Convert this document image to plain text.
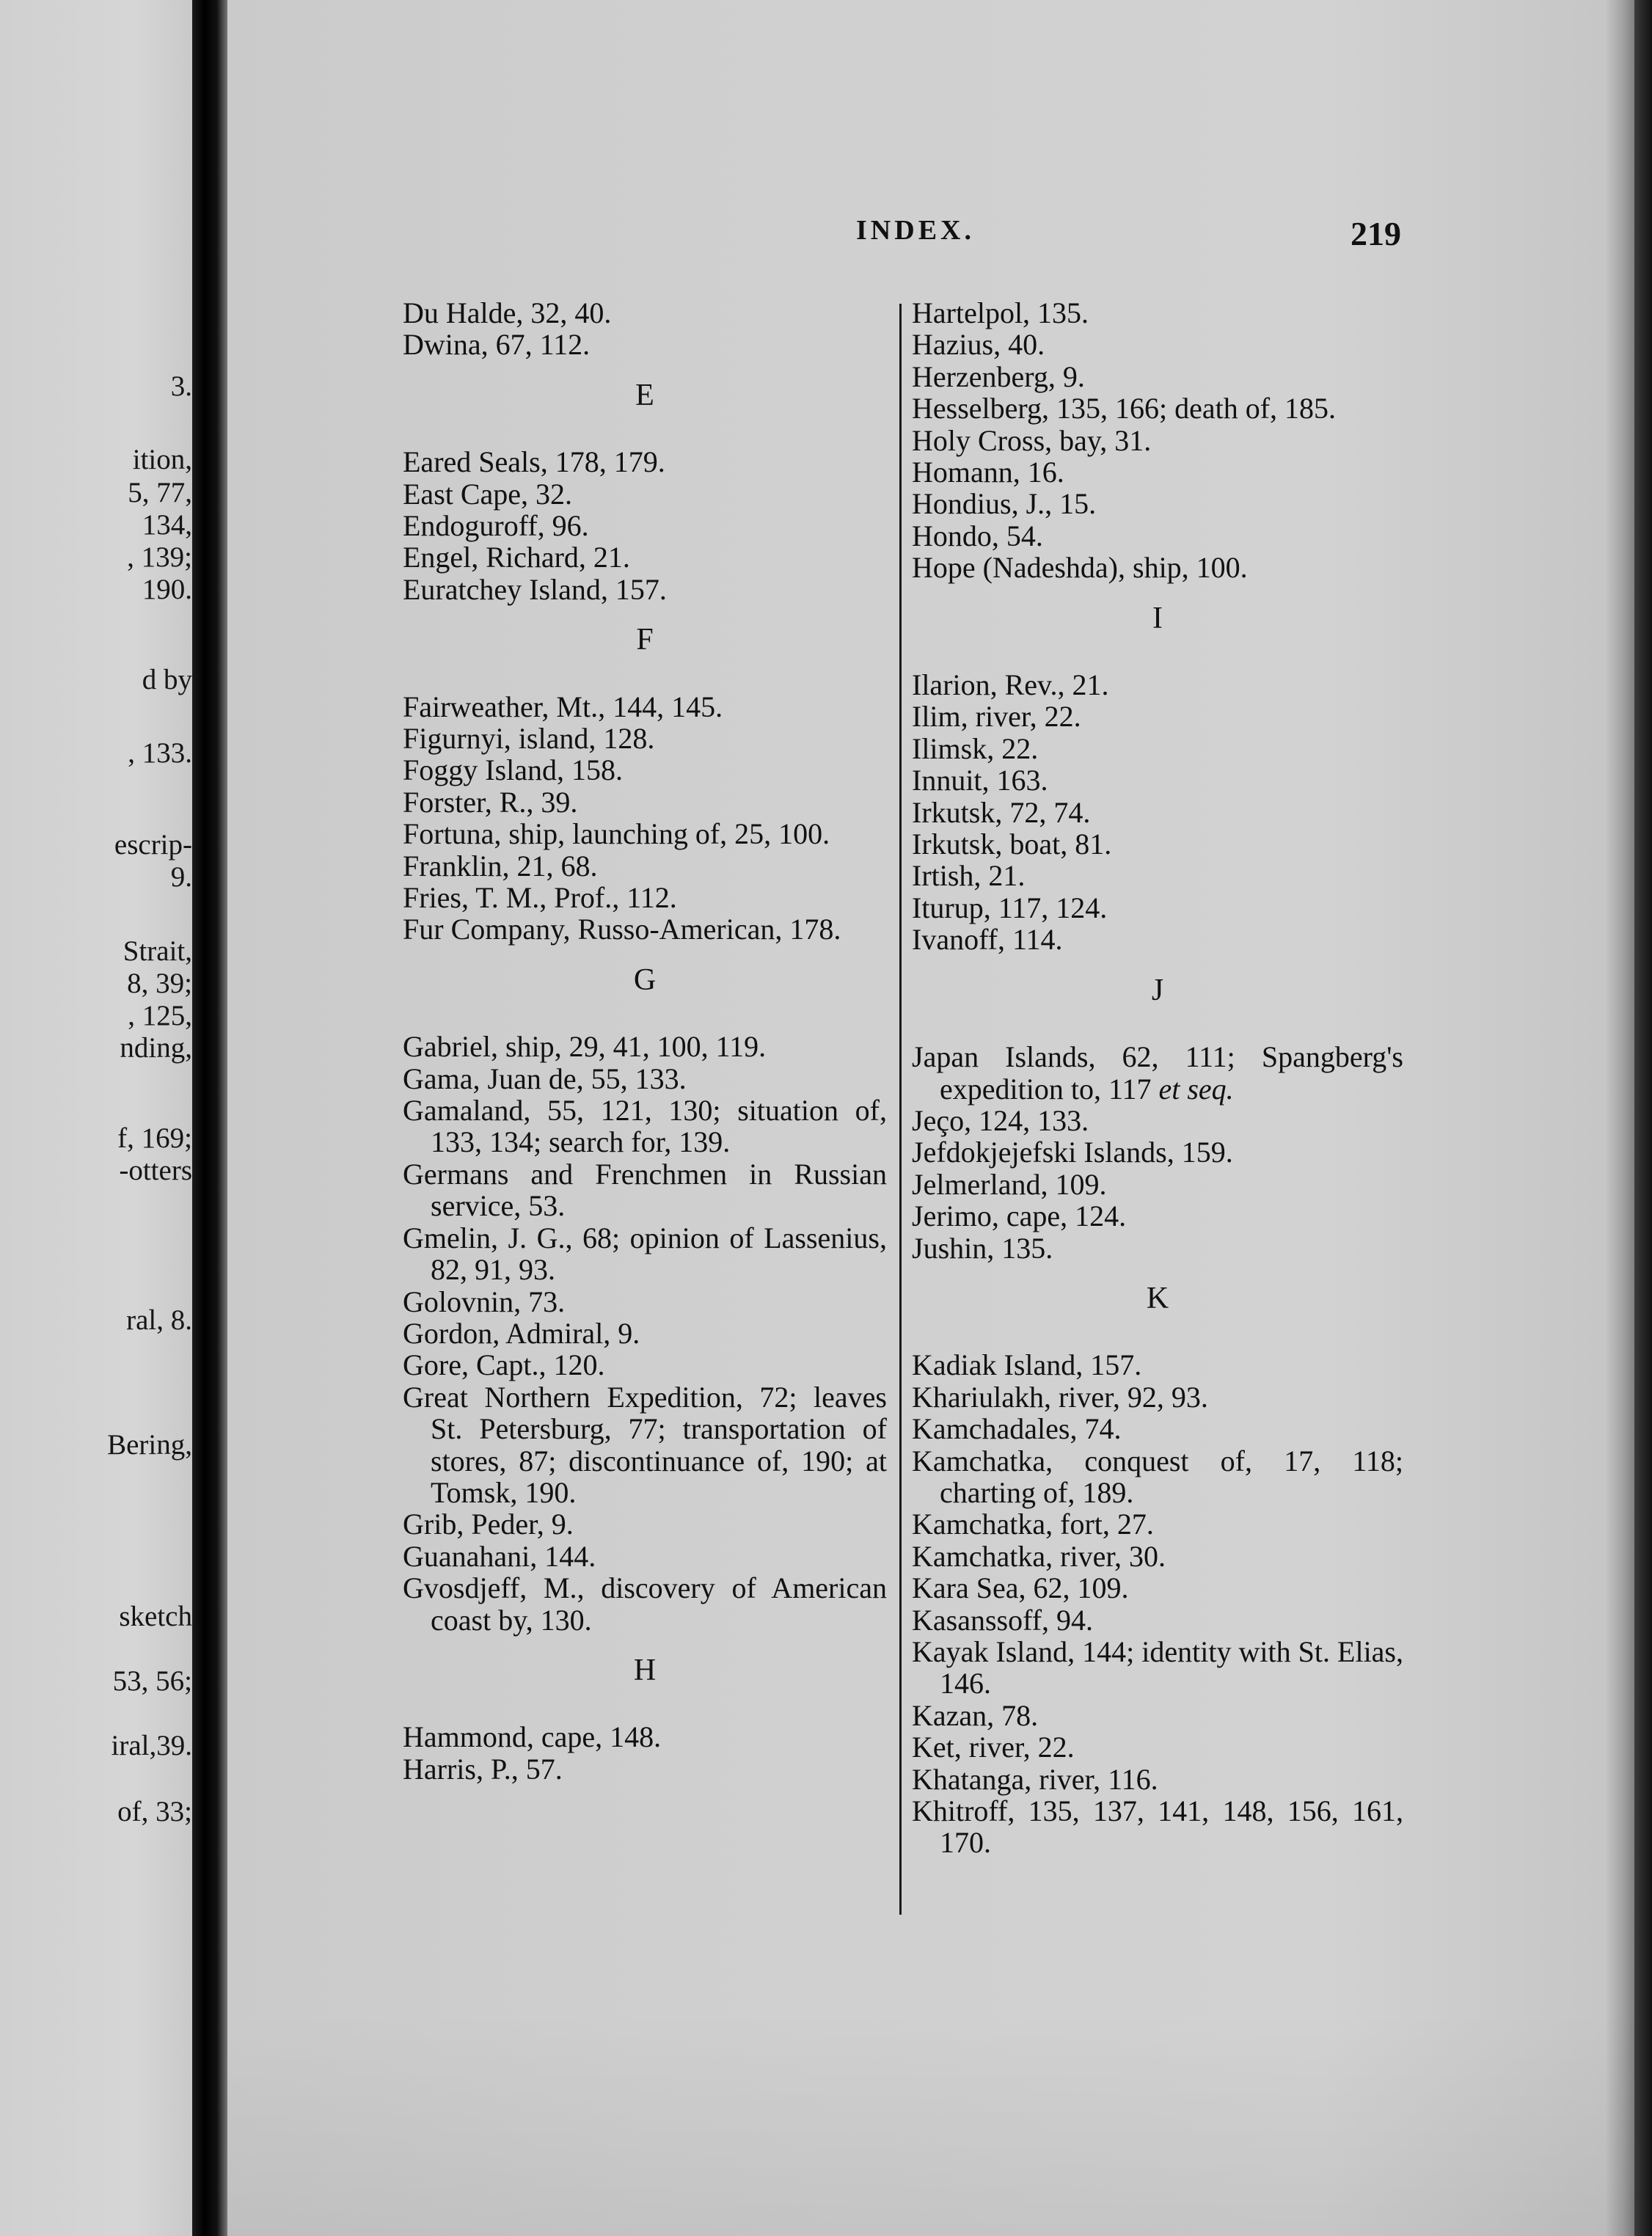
3.
ition,
5, 77,
134,
, 139;
190.
d by
, 133.
escrip-
9.
Strait,
8, 39;
, 125,
nding,
f, 169;
-otters
ral, 8.
Bering,
sketch
53, 56;
iral,39.
of, 33;
INDEX.	219
Du Halde, 32, 40.
Dwina, 67, 112.
E
Eared Seals, 178, 179.
East Cape, 32.
Endoguroff, 96.
Engel, Richard, 21.
Euratchey Island, 157.
F
Fairweather, Mt., 144, 145.
Figurnyi, island, 128.
Foggy Island, 158.
Forster, R., 39.
Fortuna, ship, launching of, 25, 100.
Franklin, 21, 68.
Fries, T. M., Prof., 112.
Fur Company, Russo-American, 178.
G
Gabriel, ship, 29, 41, 100, 119.
Gama, Juan de, 55, 133.
Gamaland, 55, 121, 130; situation of, 133, 134; search for, 139.
Germans and Frenchmen in Russian service, 53.
Gmelin, J. G., 68; opinion of Lassenius, 82, 91, 93.
Golovnin, 73.
Gordon, Admiral, 9.
Gore, Capt., 120.
Great Northern Expedition, 72; leaves St. Petersburg, 77; transportation of stores, 87; discontinuance of, 190; at Tomsk, 190.
Grib, Peder, 9.
Guanahani, 144.
Gvosdjeff, M., discovery of American coast by, 130.
H
Hammond, cape, 148.
Harris, P., 57.
Hartelpol, 135.
Hazius, 40.
Herzenberg, 9.
Hesselberg, 135, 166; death of, 185.
Holy Cross, bay, 31.
Homann, 16.
Hondius, J., 15.
Hondo, 54.
Hope (Nadeshda), ship, 100.
I
Ilarion, Rev., 21.
Ilim, river, 22.
Ilimsk, 22.
Innuit, 163.
Irkutsk, 72, 74.
Irkutsk, boat, 81.
Irtish, 21.
Iturup, 117, 124.
Ivanoff, 114.
J
Japan Islands, 62, 111; Spangberg's expedition to, 117 et seq.
Jeço, 124, 133.
Jefdokjejefski Islands, 159.
Jelmerland, 109.
Jerimo, cape, 124.
Jushin, 135.
K
Kadiak Island, 157.
Khariulakh, river, 92, 93.
Kamchadales, 74.
Kamchatka, conquest of, 17, 118; charting of, 189.
Kamchatka, fort, 27.
Kamchatka, river, 30.
Kara Sea, 62, 109.
Kasanssoff, 94.
Kayak Island, 144; identity with St. Elias, 146.
Kazan, 78.
Ket, river, 22.
Khatanga, river, 116.
Khitroff, 135, 137, 141, 148, 156, 161, 170.
